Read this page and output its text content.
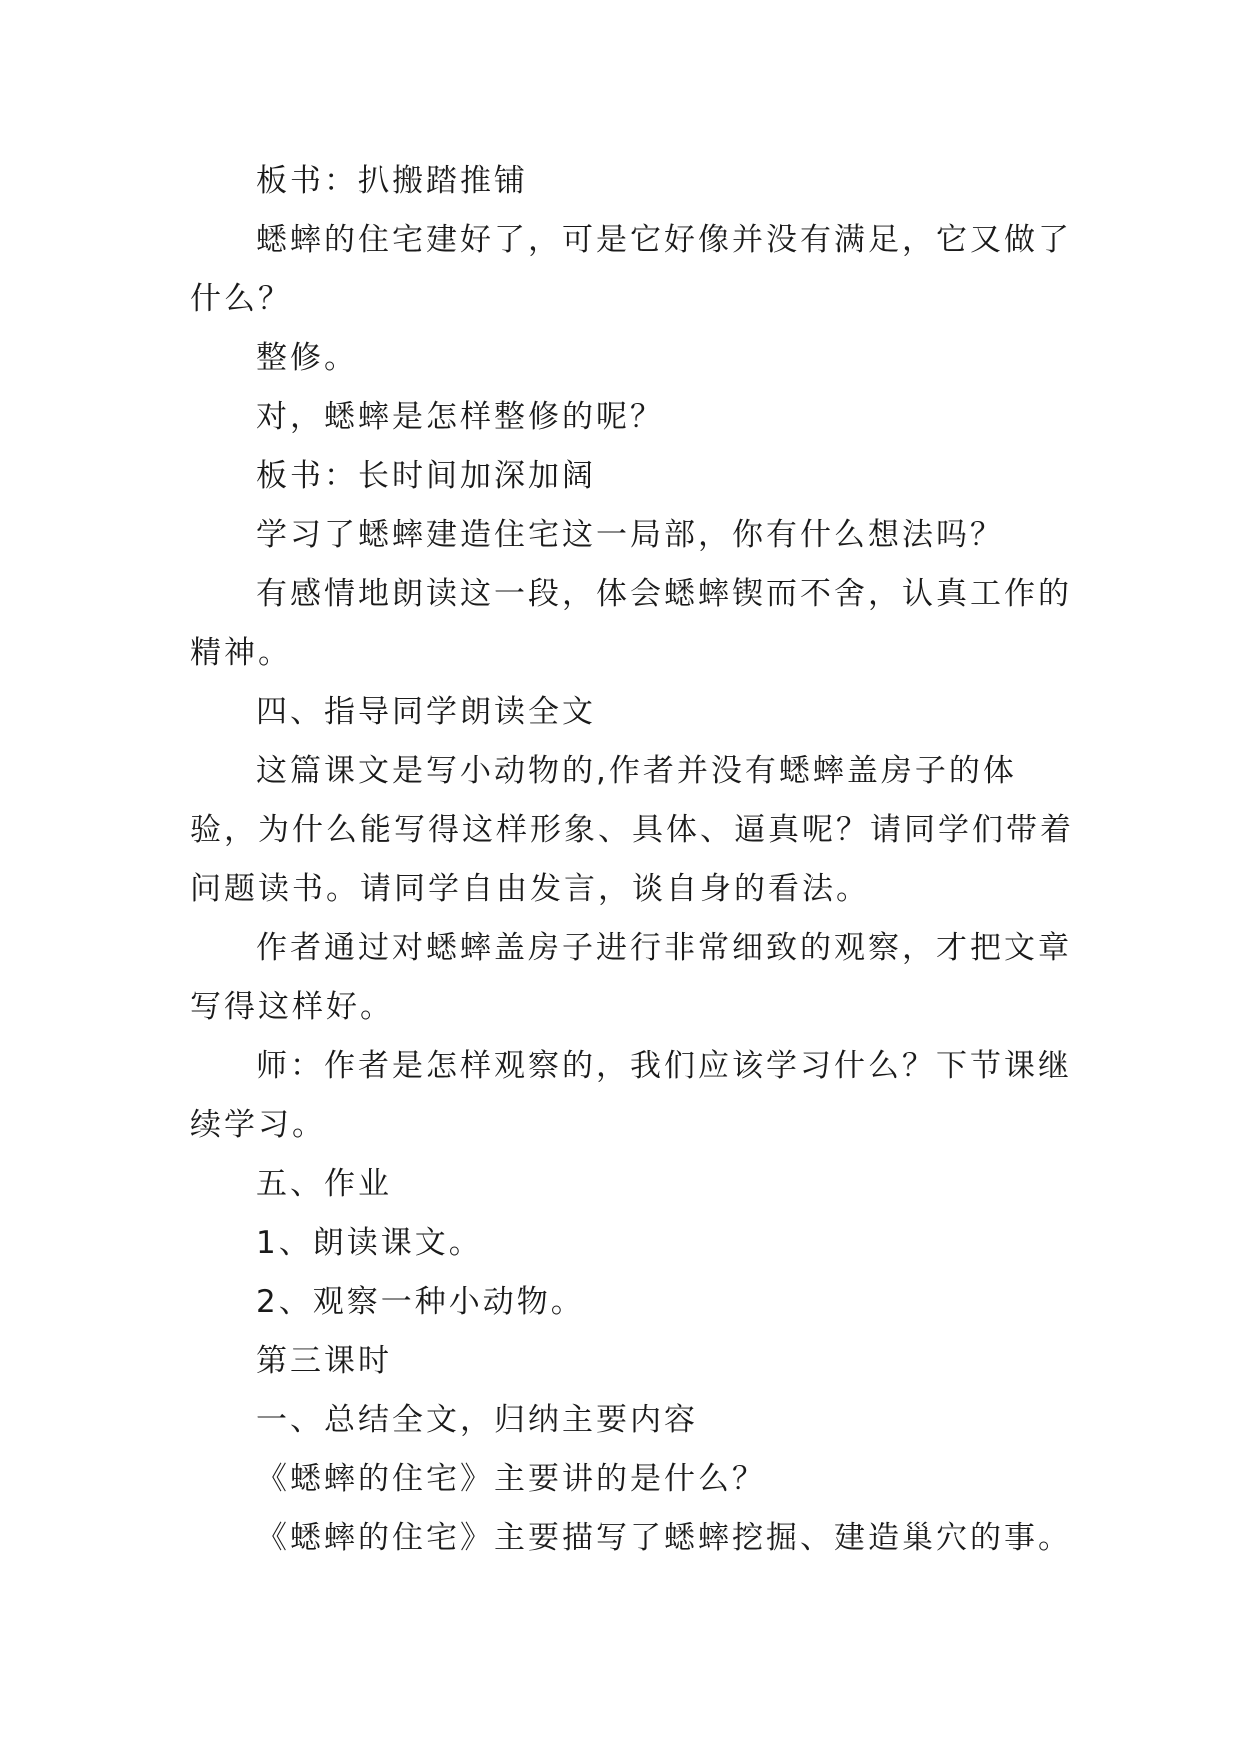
板书：扒搬踏推铺

蟋蟀的住宅建好了，可是它好像并没有满足，它又做了什么？

整修。

对，蟋蟀是怎样整修的呢？

板书：长时间加深加阔

学习了蟋蟀建造住宅这一局部，你有什么想法吗？

有感情地朗读这一段，体会蟋蟀锲而不舍，认真工作的精神。

四、指导同学朗读全文

这篇课文是写小动物的,作者并没有蟋蟀盖房子的体验，为什么能写得这样形象、具体、逼真呢？请同学们带着问题读书。请同学自由发言，谈自身的看法。

作者通过对蟋蟀盖房子进行非常细致的观察，才把文章写得这样好。

师：作者是怎样观察的，我们应该学习什么？下节课继续学习。

五、作业

1、朗读课文。

2、观察一种小动物。

第三课时

一、总结全文，归纳主要内容

《蟋蟀的住宅》主要讲的是什么？

《蟋蟀的住宅》主要描写了蟋蟀挖掘、建造巢穴的事。
